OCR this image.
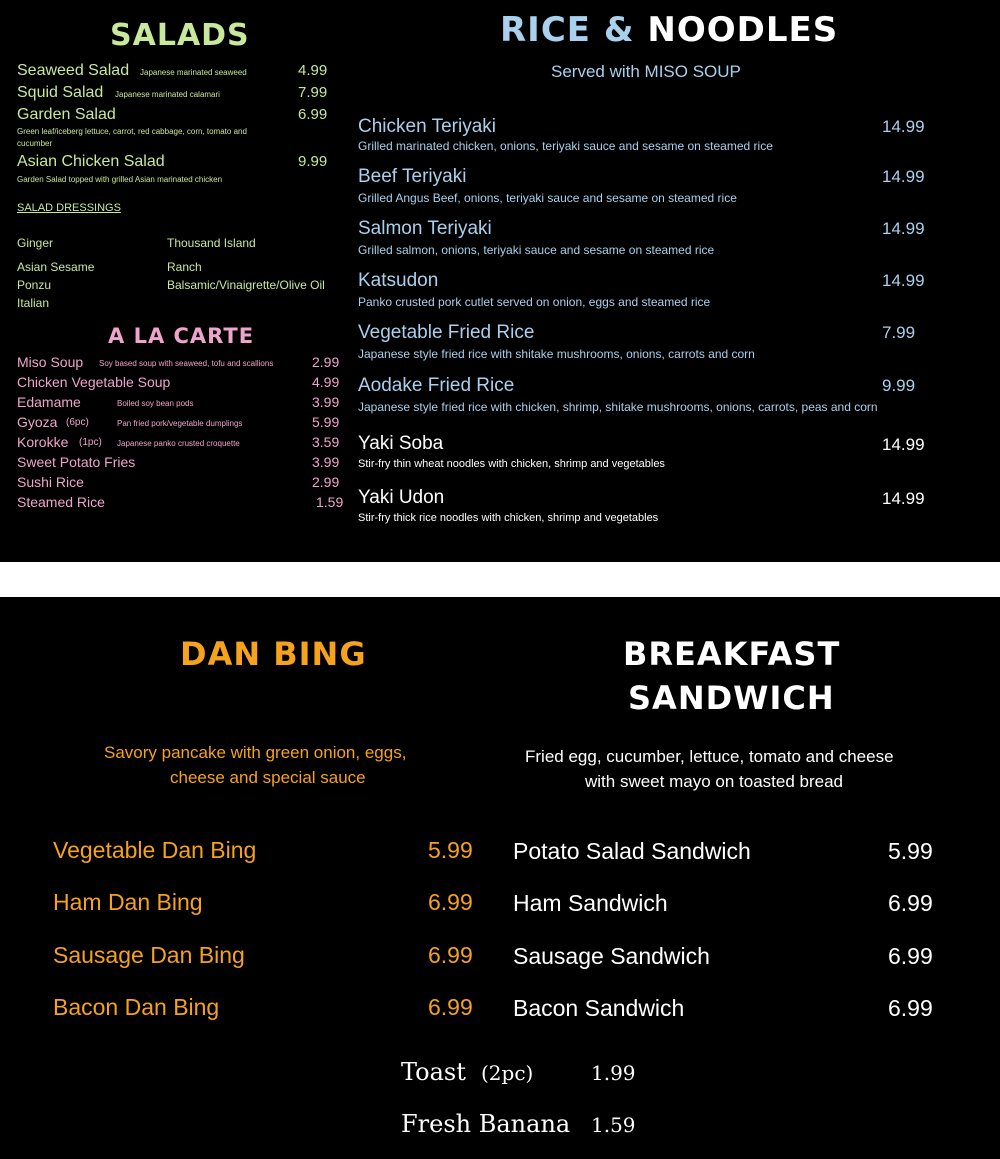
SALADS
Seaweed Salad Japanese marinated seaweed	4.99
Squid Salad Japanese marinated calamari	7.99
Garden Salad	6.99
Green leaf/iceberg lettuce, carrot, red cabbage, corn, tomato and
cucumber
Asian Chicken Salad	9.99
Garden Salad topped with grilled Asian marinated chicken
SALAD DRESSINGS
Ginger
Asian Sesame
Ponzu
Italian
Thousand Island
Ranch
Balsamic/Vinaigrette/Olive Oil
A LA CARTE
Miso Soup Soy based soup with seaweed, tofu and scallions	2.99
Chicken Vegetable Soup	4.99
Edamame	Boiled soy bean pods	3.99
Gyoza (6pc)	Pan fried pork/vegetable dumplings	5.99
Korokke (1pc) Japanese panko crusted croquette	3.59
Sweet Potato Fries	3.99
Sushi Rice	2.99
Steamed Rice	1.59
RICE & NOODLES
Served with MISO SOUP
Chicken Teriyaki	14.99
Grilled marinated chicken, onions, teriyaki sauce and sesame on steamed rice
Beef Teriyaki	14.99
Grilled Angus Beef, onions, teriyaki sauce and sesame on steamed rice
Salmon Teriyaki	14.99
Grilled salmon, onions, teriyaki sauce and sesame on steamed rice
Katsudon	14.99
Panko crusted pork cutlet served on onion, eggs and steamed rice
Vegetable Fried Rice	7.99
Japanese style fried rice with shitake mushrooms, onions, carrots and corn
Aodake Fried Rice	9.99
Japanese style fried rice with chicken, shrimp, shitake mushrooms, onions, carrots, peas and corn
Yaki Soba	14.99
Stir-fry thin wheat noodles with chicken, shrimp and vegetables
Yaki Udon	14.99
Stir-fry thick rice noodles with chicken, shrimp and vegetables
DAN BING
Savory pancake with green onion, eggs,
cheese and special sauce
Vegetable Dan Bing	5.99
Ham Dan Bing	6.99
Sausage Dan Bing	6.99
Bacon Dan Bing	6.99
BREAKFAST
SANDWICH
Fried egg, cucumber, lettuce, tomato and cheese
with sweet mayo on toasted bread
Potato Salad Sandwich	5.99
Ham Sandwich	6.99
Sausage Sandwich	6.99
Bacon Sandwich	6.99
Toast (2pc)	1.99
Fresh Banana 1.59
